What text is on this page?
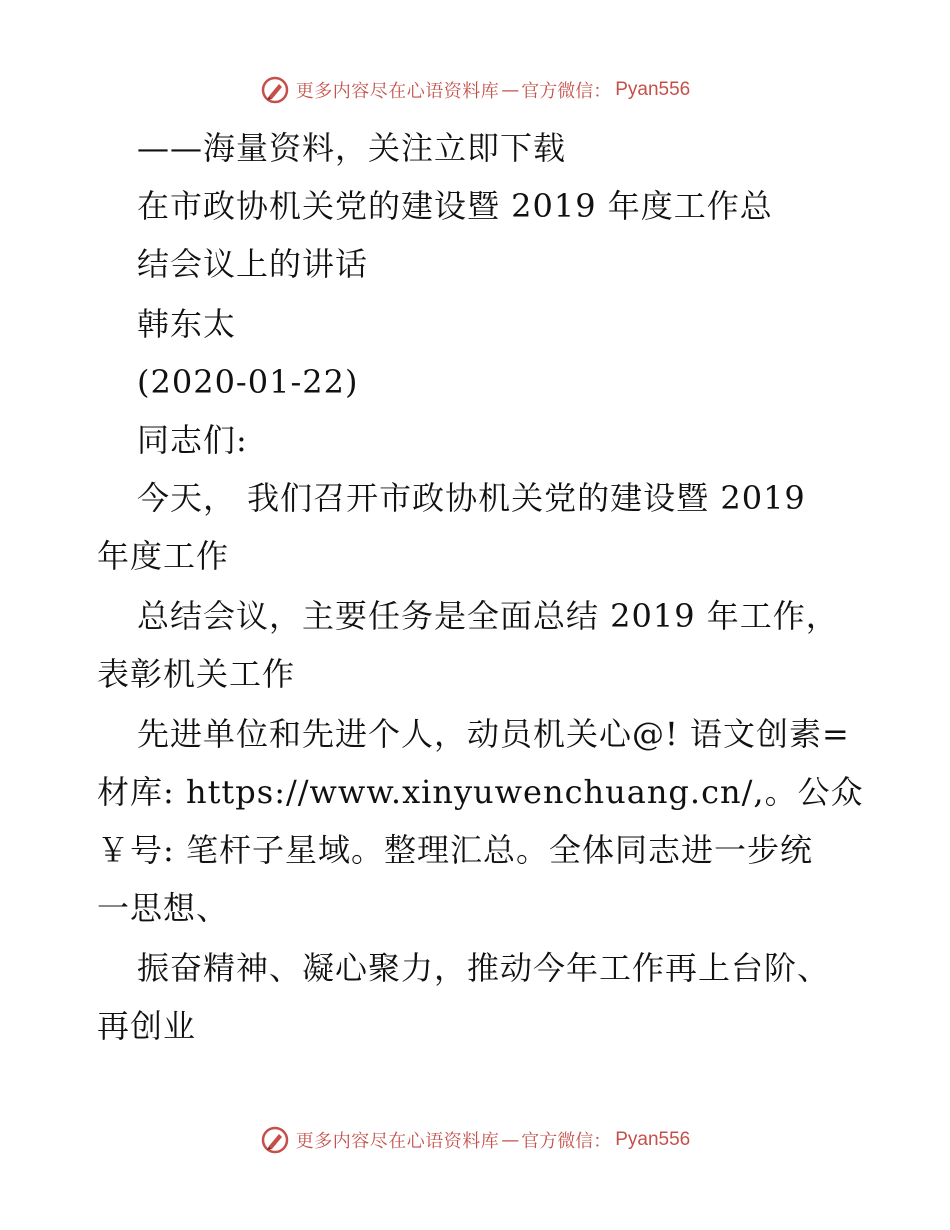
更多内容尽在心语资料库 — 官方微信： Pyan556
——海量资料，关注立即下载
在市政协机关党的建设暨 2019 年度工作总
结会议上的讲话
韩东太
(2020-01-22)
同志们:
今天， 我们召开市政协机关党的建设暨 2019
年度工作
总结会议，主要任务是全面总结 2019 年工作，
表彰机关工作
先进单位和先进个人，动员机关心@! 语文创素=
材库: https://www.xinyuwenchuang.cn/,。公众
￥号: 笔杆子星域。整理汇总。全体同志进一步统
一思想、
振奋精神、凝心聚力，推动今年工作再上台阶、
再创业
更多内容尽在心语资料库 — 官方微信： Pyan556
